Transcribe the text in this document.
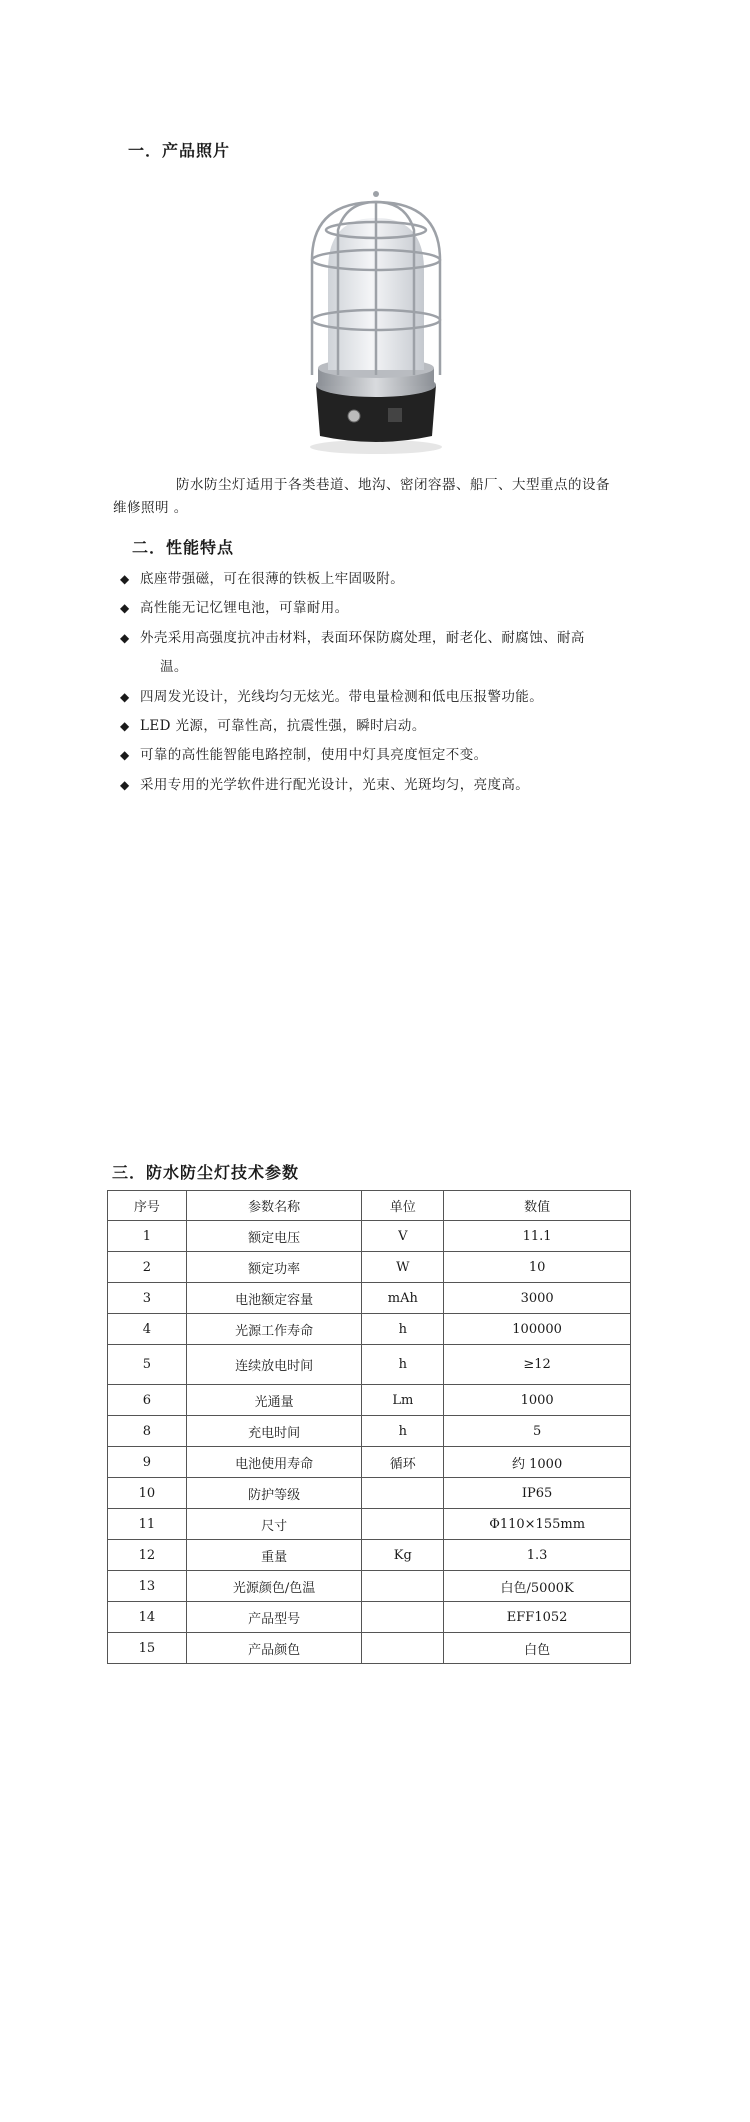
一．产品照片
防水防尘灯适用于各类巷道、地沟、密闭容器、船厂、大型重点的设备
维修照明 。
二．性能特点
◆ 底座带强磁，可在很薄的铁板上牢固吸附。
◆ 高性能无记忆锂电池，可靠耐用。
◆ 外壳采用高强度抗冲击材料，表面环保防腐处理，耐老化、耐腐蚀、耐高
温。
◆ 四周发光设计，光线均匀无炫光。带电量检测和低电压报警功能。
◆ LED 光源，可靠性高，抗震性强，瞬时启动。
◆ 可靠的高性能智能电路控制，使用中灯具亮度恒定不变。
◆ 采用专用的光学软件进行配光设计，光束、光斑均匀，亮度高。
三．防水防尘灯技术参数
序号	参数名称	单位	数值
1	额定电压	V	11.1
2	额定功率	W	10
3	电池额定容量	mAh	3000
4	光源工作寿命	h	100000
5	连续放电时间	h	≥12
6	光通量	Lm	1000
8	充电时间	h	5
9	电池使用寿命	循环	约 1000
10	防护等级		IP65
11	尺寸		Φ110×155mm
12	重量	Kg	1.3
13	光源颜色/色温		白色/5000K
14	产品型号		EFF1052
15	产品颜色		白色
